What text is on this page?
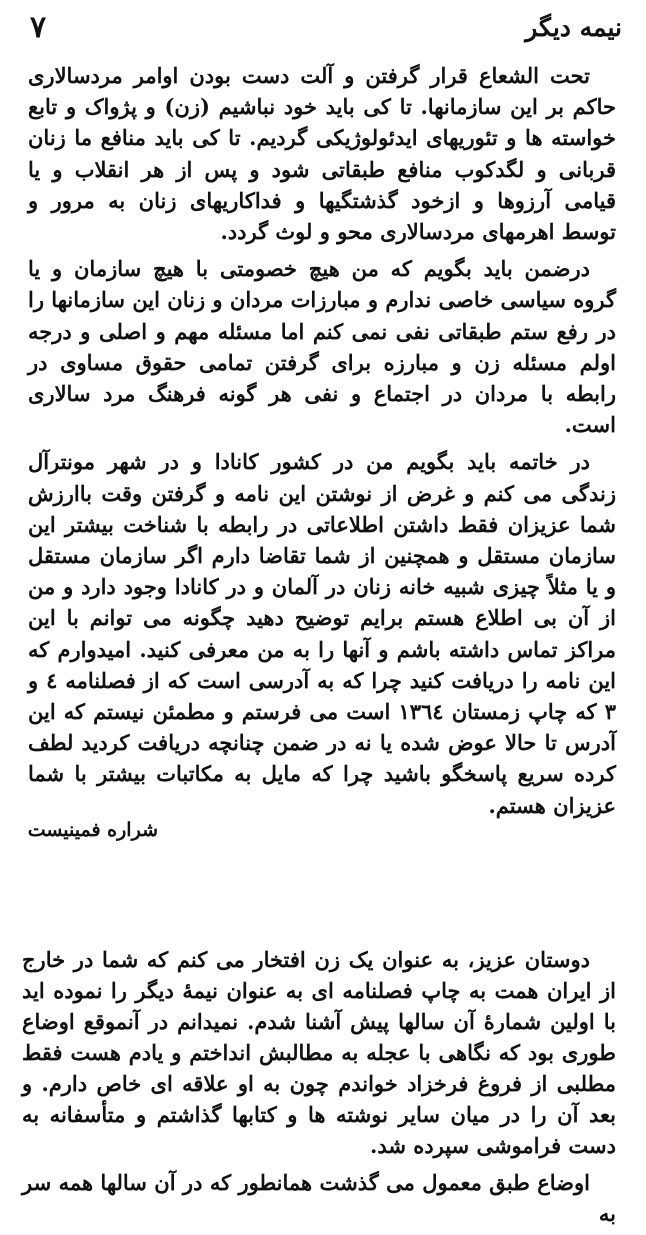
۷	نیمه دیگر

تحت الشعاع قرار گرفتن و آلت دست بودن اوامر مردسالاری حاکم بر این سازمانها. تا کی باید خود نباشیم (زن) و پژواک و تابع خواسته ها و تئوریهای ایدئولوژیکی گردیم. تا کی باید منافع ما زنان قربانی و لگدکوب منافع طبقاتی شود و پس از هر انقلاب و یا قیامی آرزوها و ازخود گذشتگیها و فداکاریهای زنان به مرور و توسط اهرمهای مردسالاری محو و لوث گردد.

درضمن باید بگویم که من هیچ خصومتی با هیچ سازمان و یا گروه سیاسی خاصی ندارم و مبارزات مردان و زنان این سازمانها را در رفع ستم طبقاتی نفی نمی کنم اما مسئله مهم و اصلی و درجه اولم مسئله زن و مبارزه برای گرفتن تمامی حقوق مساوی در رابطه با مردان در اجتماع و نفی هر گونه فرهنگ مرد سالاری است.

در خاتمه باید بگویم من در کشور کانادا و در شهر مونترآل زندگی می کنم و غرض از نوشتن این نامه و گرفتن وقت باارزش شما عزیزان فقط داشتن اطلاعاتی در رابطه با شناخت بیشتر این سازمان مستقل و همچنین از شما تقاضا دارم اگر سازمان مستقل و یا مثلاً چیزی شبیه خانه زنان در آلمان و در کانادا وجود دارد و من از آن بی اطلاع هستم برایم توضیح دهید چگونه می توانم با این مراکز تماس داشته باشم و آنها را به من معرفی کنید. امیدوارم که این نامه را دریافت کنید چرا که به آدرسی است که از فصلنامه ٤ و ۳ که چاپ زمستان ۱۳٦٤ است می فرستم و مطمئن نیستم که این آدرس تا حالا عوض شده یا نه در ضمن چنانچه دریافت کردید لطف کرده سریع پاسخگو باشید چرا که مایل به مکاتبات بیشتر با شما عزیزان هستم.

شراره فمینیست

دوستان عزیز، به عنوان یک زن افتخار می کنم که شما در خارج از ایران همت به چاپ فصلنامه ای به عنوان نیمهٔ دیگر را نموده اید با اولین شمارهٔ آن سالها پیش آشنا شدم. نمیدانم در آنموقع اوضاع طوری بود که نگاهی با عجله به مطالبش انداختم و یادم هست فقط مطلبی از فروغ فرخزاد خواندم چون به او علاقه ای خاص دارم. و بعد آن را در میان سایر نوشته ها و کتابها گذاشتم و متأسفانه به دست فراموشی سپرده شد.

اوضاع طبق معمول می گذشت همانطور که در آن سالها همه سر به
